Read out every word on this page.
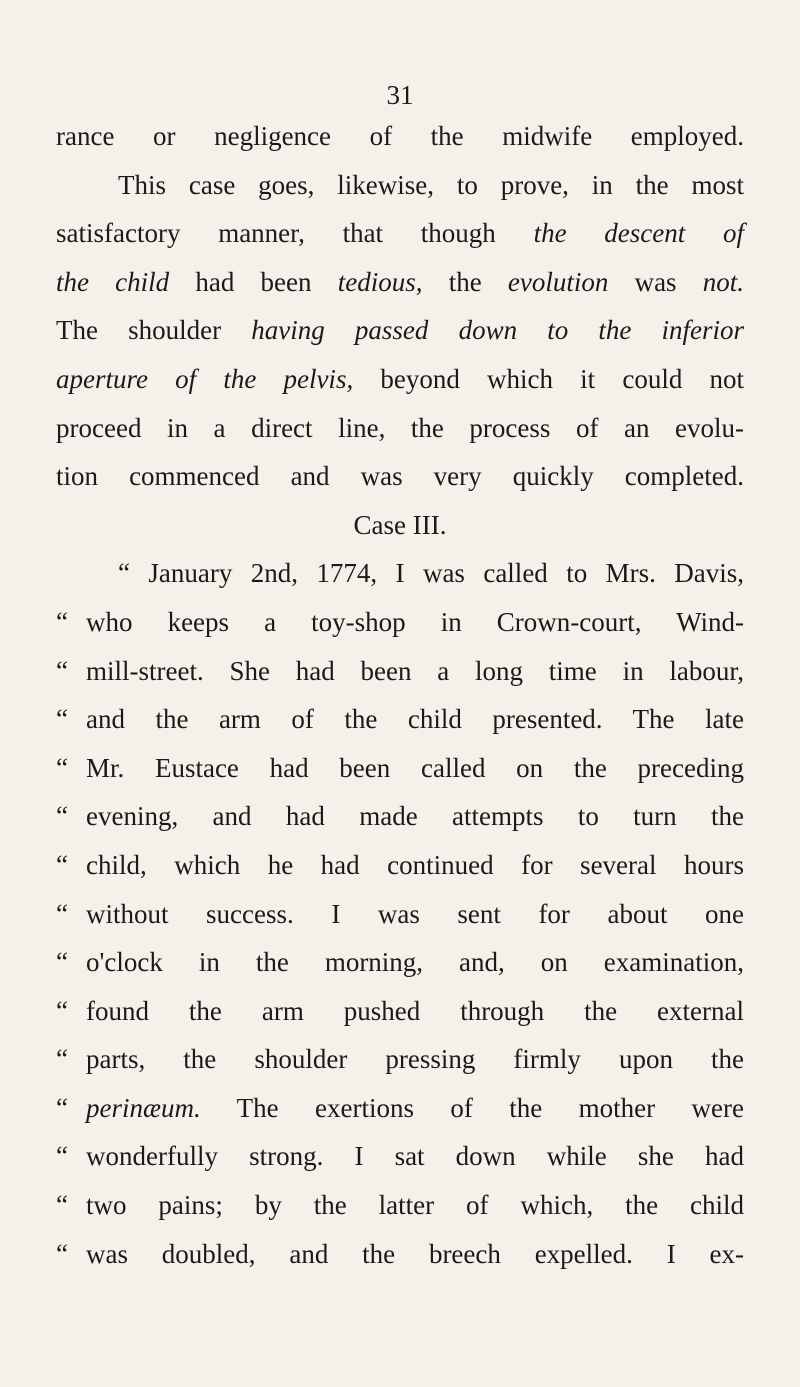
31
rance or negligence of the midwife employed.
This case goes, likewise, to prove, in the most
satisfactory manner, that though the descent of
the child had been tedious, the evolution was not.
The shoulder having passed down to the inferior
aperture of the pelvis, beyond which it could not
proceed in a direct line, the process of an evolu-
tion commenced and was very quickly completed.
Case III.
“ January 2nd, 1774, I was called to Mrs. Davis,
“ who keeps a toy-shop in Crown-court, Wind-
“ mill-street. She had been a long time in labour,
“ and the arm of the child presented. The late
“ Mr. Eustace had been called on the preceding
“ evening, and had made attempts to turn the
“ child, which he had continued for several hours
“ without success. I was sent for about one
“ o'clock in the morning, and, on examination,
“ found the arm pushed through the external
“ parts, the shoulder pressing firmly upon the
“ perinæum. The exertions of the mother were
“ wonderfully strong. I sat down while she had
“ two pains; by the latter of which, the child
“ was doubled, and the breech expelled. I ex-
